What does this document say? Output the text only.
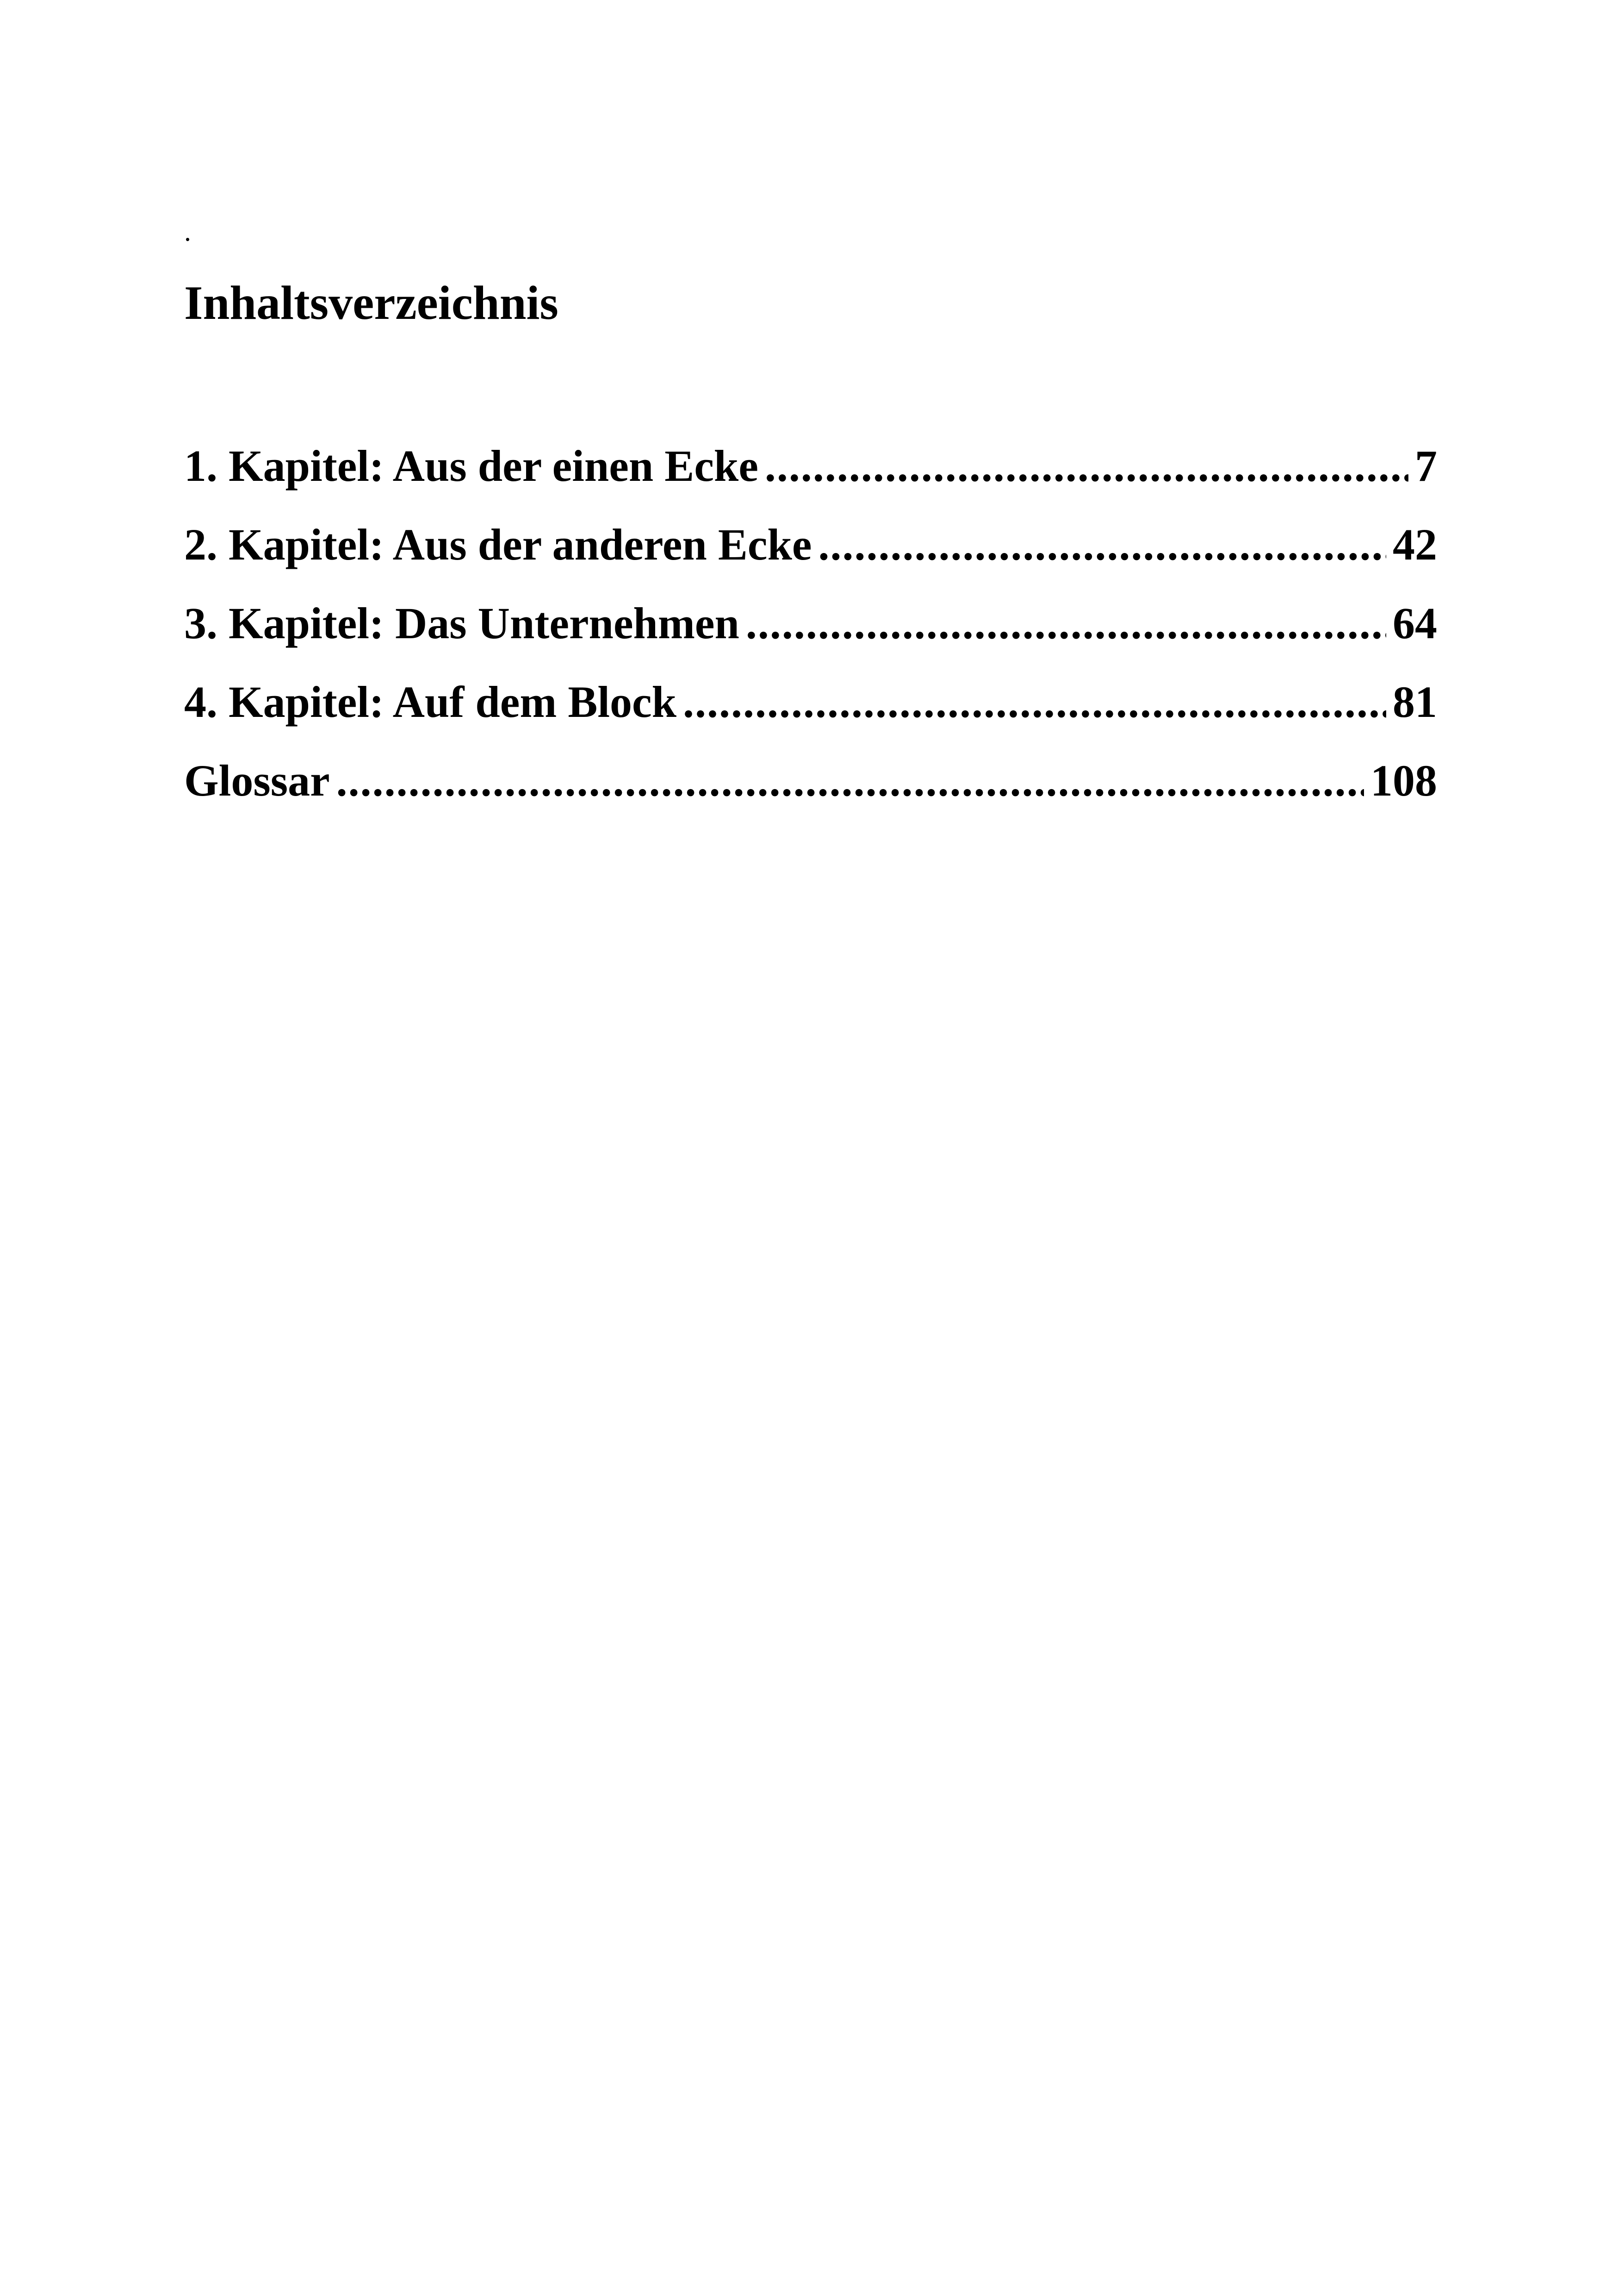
.
Inhaltsverzeichnis
1. Kapitel: Aus der einen Ecke .....	7
2. Kapitel: Aus der anderen Ecke .....	42
3. Kapitel: Das Unternehmen .....	64
4. Kapitel: Auf dem Block .....	81
Glossar .....	108
